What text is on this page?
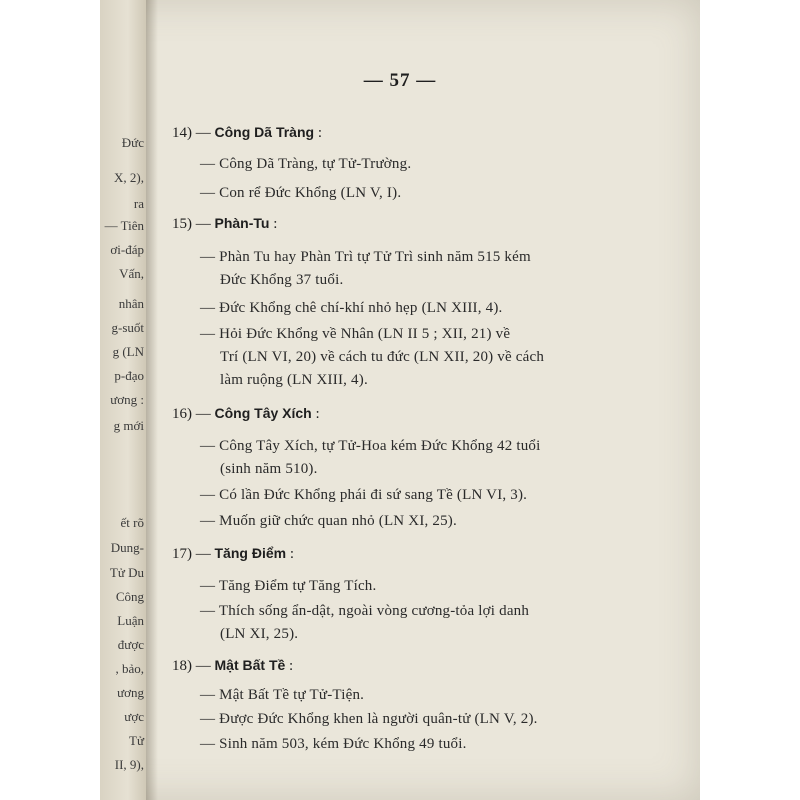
Đức
X, 2),
ra
— Tiên
ơi-đáp
Vấn,
nhân
g-suốt
g (LN
p-đạo
ương :
g mới
ết rõ
Dung-
Tử Du
Công
Luận
được
, bảo,
ương
ược
Tử
II, 9),
— 57 —
14) — Công Dã Tràng :
— Công Dã Tràng, tự Tử-Trường.
— Con rể Đức Khổng (LN V, I).
15) — Phàn-Tu :
— Phàn Tu hay Phàn Trì tự Tử Trì sinh năm 515 kém
Đức Khổng 37 tuổi.
— Đức Khổng chê chí-khí nhỏ hẹp (LN XIII, 4).
— Hỏi Đức Khổng về Nhân (LN II 5 ; XII, 21) về
Trí (LN VI, 20) về cách tu đức (LN XII, 20) về cách
làm ruộng (LN XIII, 4).
16) — Công Tây Xích :
— Công Tây Xích, tự Tử-Hoa kém Đức Khổng 42 tuổi
(sinh năm 510).
— Có lần Đức Khổng phái đi sứ sang Tề (LN VI, 3).
— Muốn giữ chức quan nhỏ (LN XI, 25).
17) — Tăng Điểm :
— Tăng Điểm tự Tăng Tích.
— Thích sống ẩn-dật, ngoài vòng cương-tỏa lợi danh
(LN XI, 25).
18) — Mật Bất Tề :
— Mật Bất Tề tự Tử-Tiện.
— Được Đức Khổng khen là người quân-tử (LN V, 2).
— Sinh năm 503, kém Đức Khổng 49 tuổi.
